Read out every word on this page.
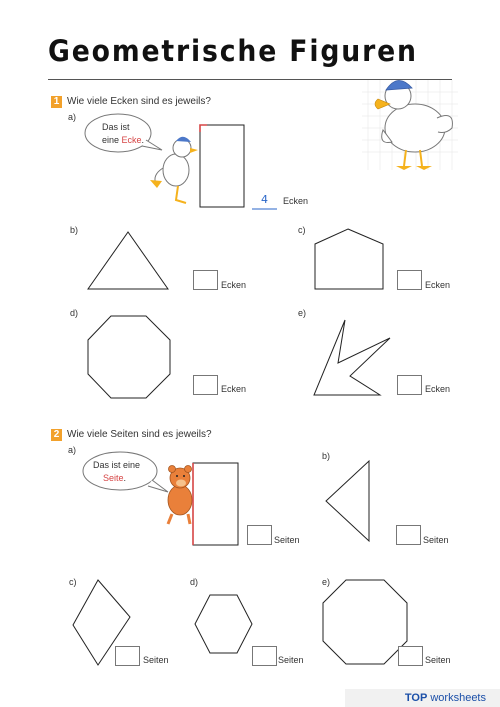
Geometrische Figuren
1 Wie viele Ecken sind es jeweils?
Das ist
eine Ecke.
a)
b)	c)
d)	e)
4 Ecken
Ecken	Ecken
Ecken	Ecken
2 Wie viele Seiten sind es jeweils?
Das ist eine
Seite.
a)
b)
c)	d)	e)
Seiten	Seiten
Seiten	Seiten	Seiten
TOP worksheets
